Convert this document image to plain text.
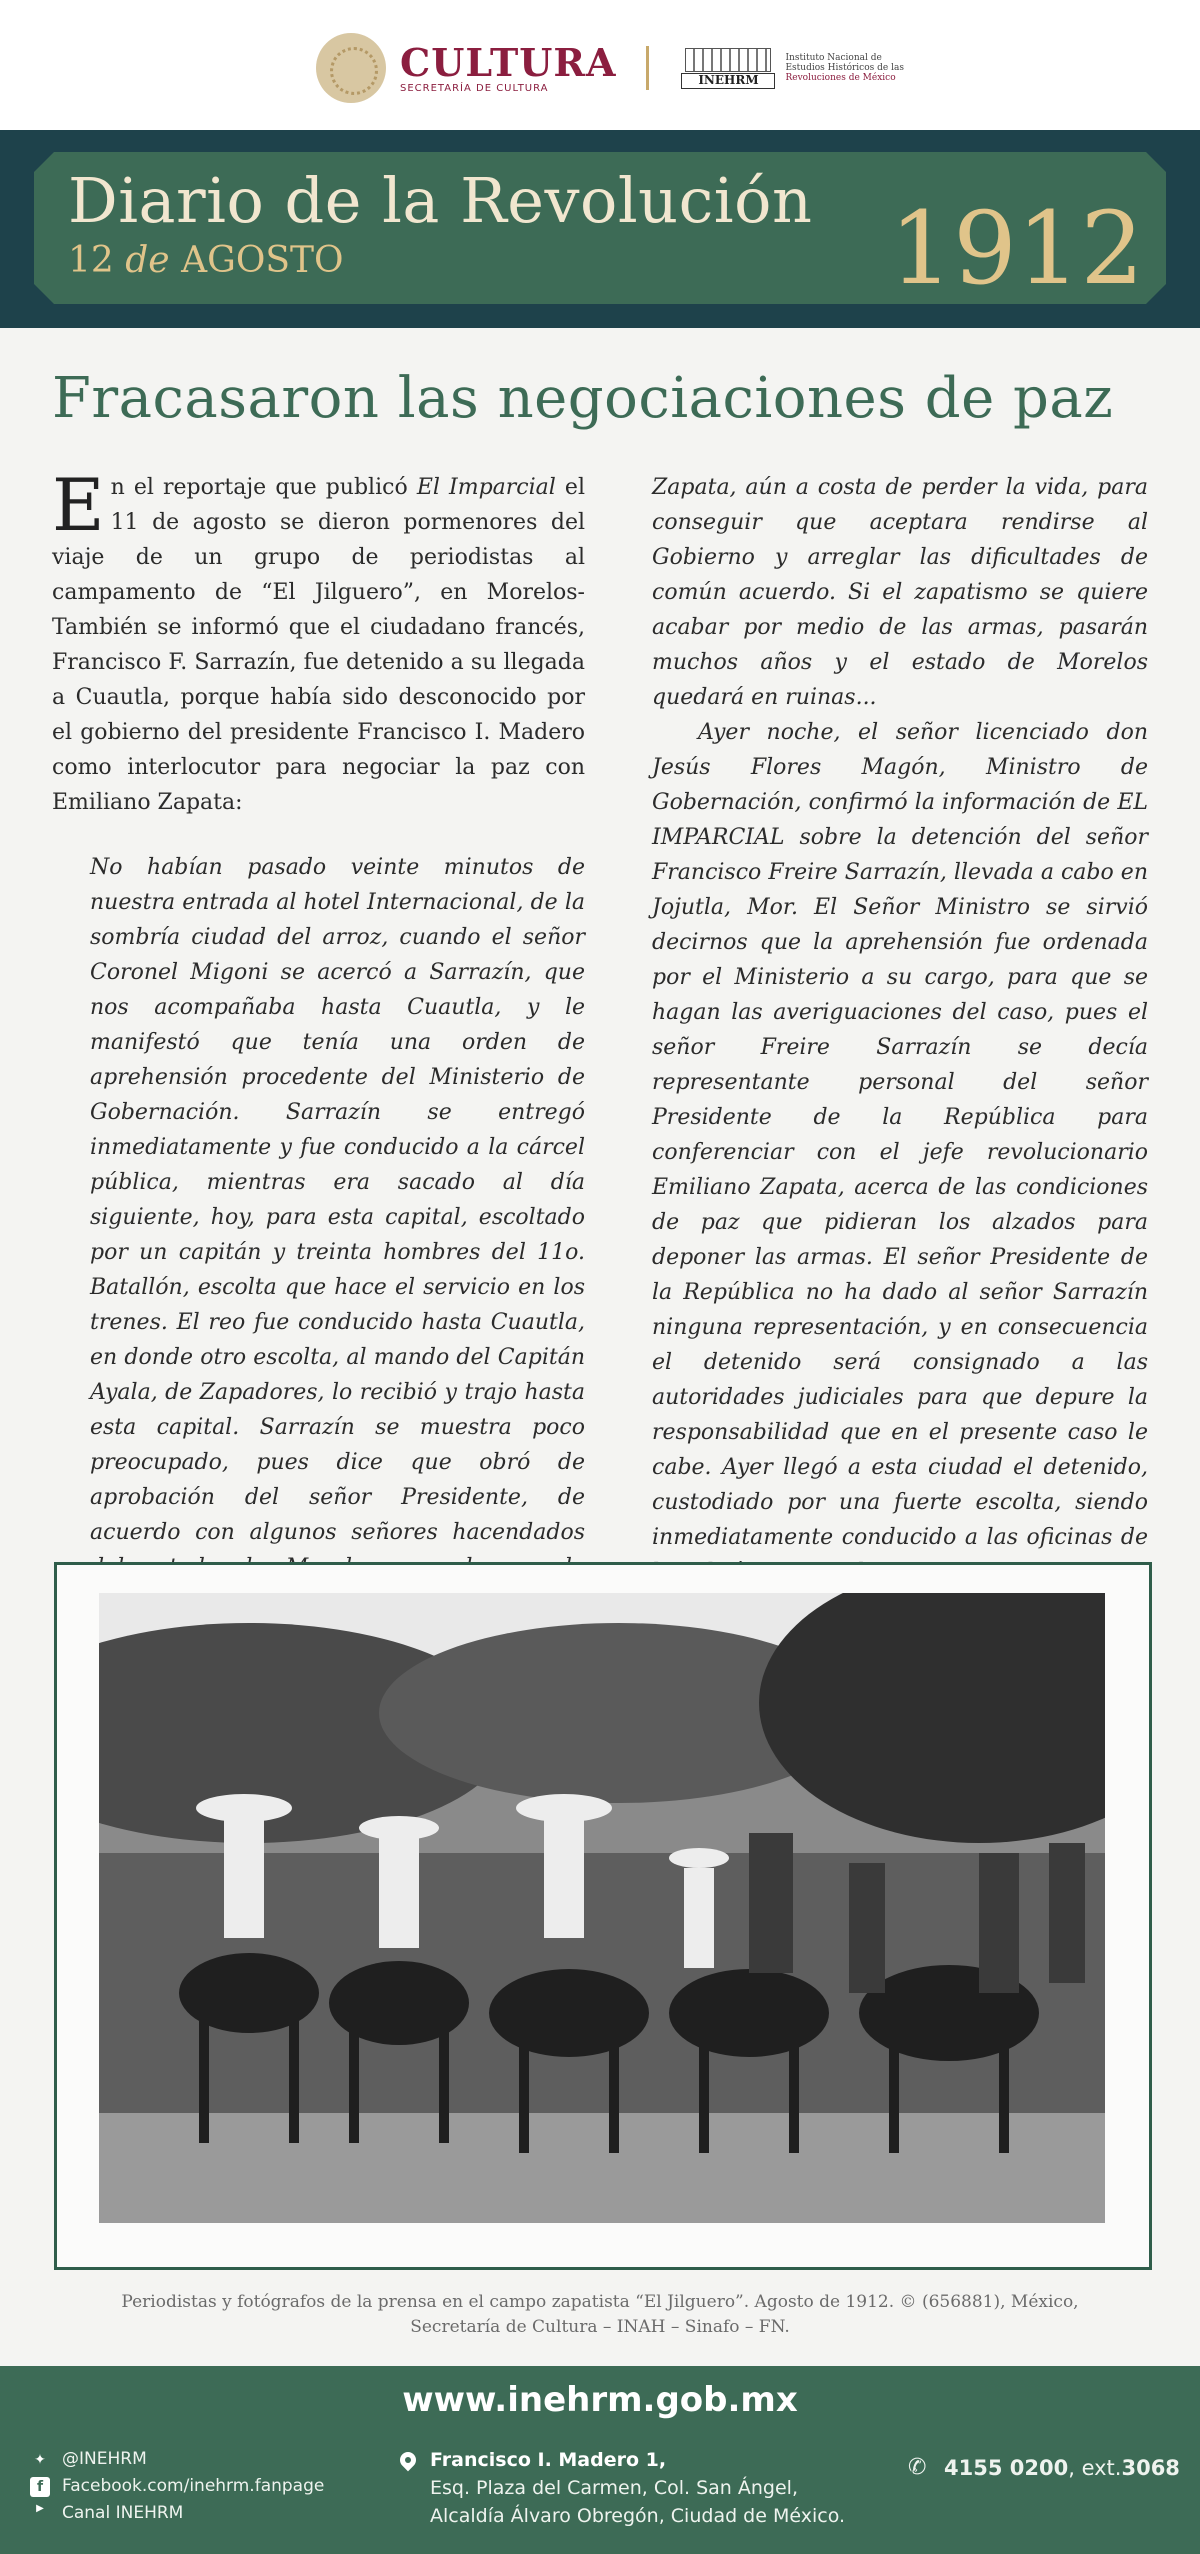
CULTURA
SECRETARÍA DE CULTURA
INEHRM
Instituto Nacional de
Estudios Históricos de las
Revoluciones de México
Diario de la Revolución
12 de AGOSTO	1912
Fracasaron las negociaciones de paz

En el reportaje que publicó El Imparcial el 11 de agosto se dieron pormenores del viaje de un grupo de periodistas al campamento de “El Jilguero”, en Morelos- También se informó que el ciudadano francés, Francisco F. Sarrazín, fue detenido a su llegada a Cuautla, porque había sido desconocido por el gobierno del presidente Francisco I. Madero como interlocutor para negociar la paz con Emiliano Zapata:

No habían pasado veinte minutos de nuestra entrada al hotel Internacional, de la sombría ciudad del arroz, cuando el señor Coronel Migoni se acercó a Sarrazín, que nos acompañaba hasta Cuautla, y le manifestó que tenía una orden de aprehensión procedente del Ministerio de Gobernación. Sarrazín se entregó inmediatamente y fue conducido a la cárcel pública, mientras era sacado al día siguiente, hoy, para esta capital, escoltado por un capitán y treinta hombres del 11o. Batallón, escolta que hace el servicio en los trenes. El reo fue conducido hasta Cuautla, en donde otro escolta, al mando del Capitán Ayala, de Zapadores, lo recibió y trajo hasta esta capital. Sarrazín se muestra poco preocupado, pues dice que obró de aprobación del señor Presidente, de acuerdo con algunos señores hacendados

Zapata, aún a costa de perder la vida, para conseguir que aceptara rendirse al Gobierno y arreglar las dificultades de común acuerdo. Si el zapatismo se quiere acabar por medio de las armas, pasarán muchos años y el estado de Morelos quedará en ruinas...

Ayer noche, el señor licenciado don Jesús Flores Magón, Ministro de Gobernación, confirmó la información de EL IMPARCIAL sobre la detención del señor Francisco Freire Sarrazín, llevada a cabo en Jojutla, Mor. El Señor Ministro se sirvió decirnos que la aprehensión fue ordenada por el Ministerio a su cargo, para que se hagan las averiguaciones del caso, pues el señor Freire Sarrazín se decía representante personal del señor Presidente de la República para conferenciar con el jefe revolucionario Emiliano Zapata, acerca de las condiciones de paz que pidieran los alzados para deponer las armas. El señor Presidente de la República no ha dado al señor Sarrazín ninguna representación, y en consecuencia el detenido será consignado a las autoridades judiciales para que depure la responsabilidad que en el presente caso le cabe. Ayer llegó a esta ciudad el detenido, custodiado por una fuerte escolta, siendo inmediatamente conducido a las oficinas de

Periodistas y fotógrafos de la prensa en el campo zapatista “El Jilguero”. Agosto de 1912. © (656881), México, Secretaría de Cultura – INAH – Sinafo – FN.
www.inehrm.gob.mx
✦ @INEHRM
f	Facebook.com/inehrm.fanpage
▶	Canal INEHRM
Francisco I. Madero 1,
Esq. Plaza del Carmen, Col. San Ángel,
Alcaldía Álvaro Obregón, Ciudad de México.
✆ 4155 0200 , ext. 3068
